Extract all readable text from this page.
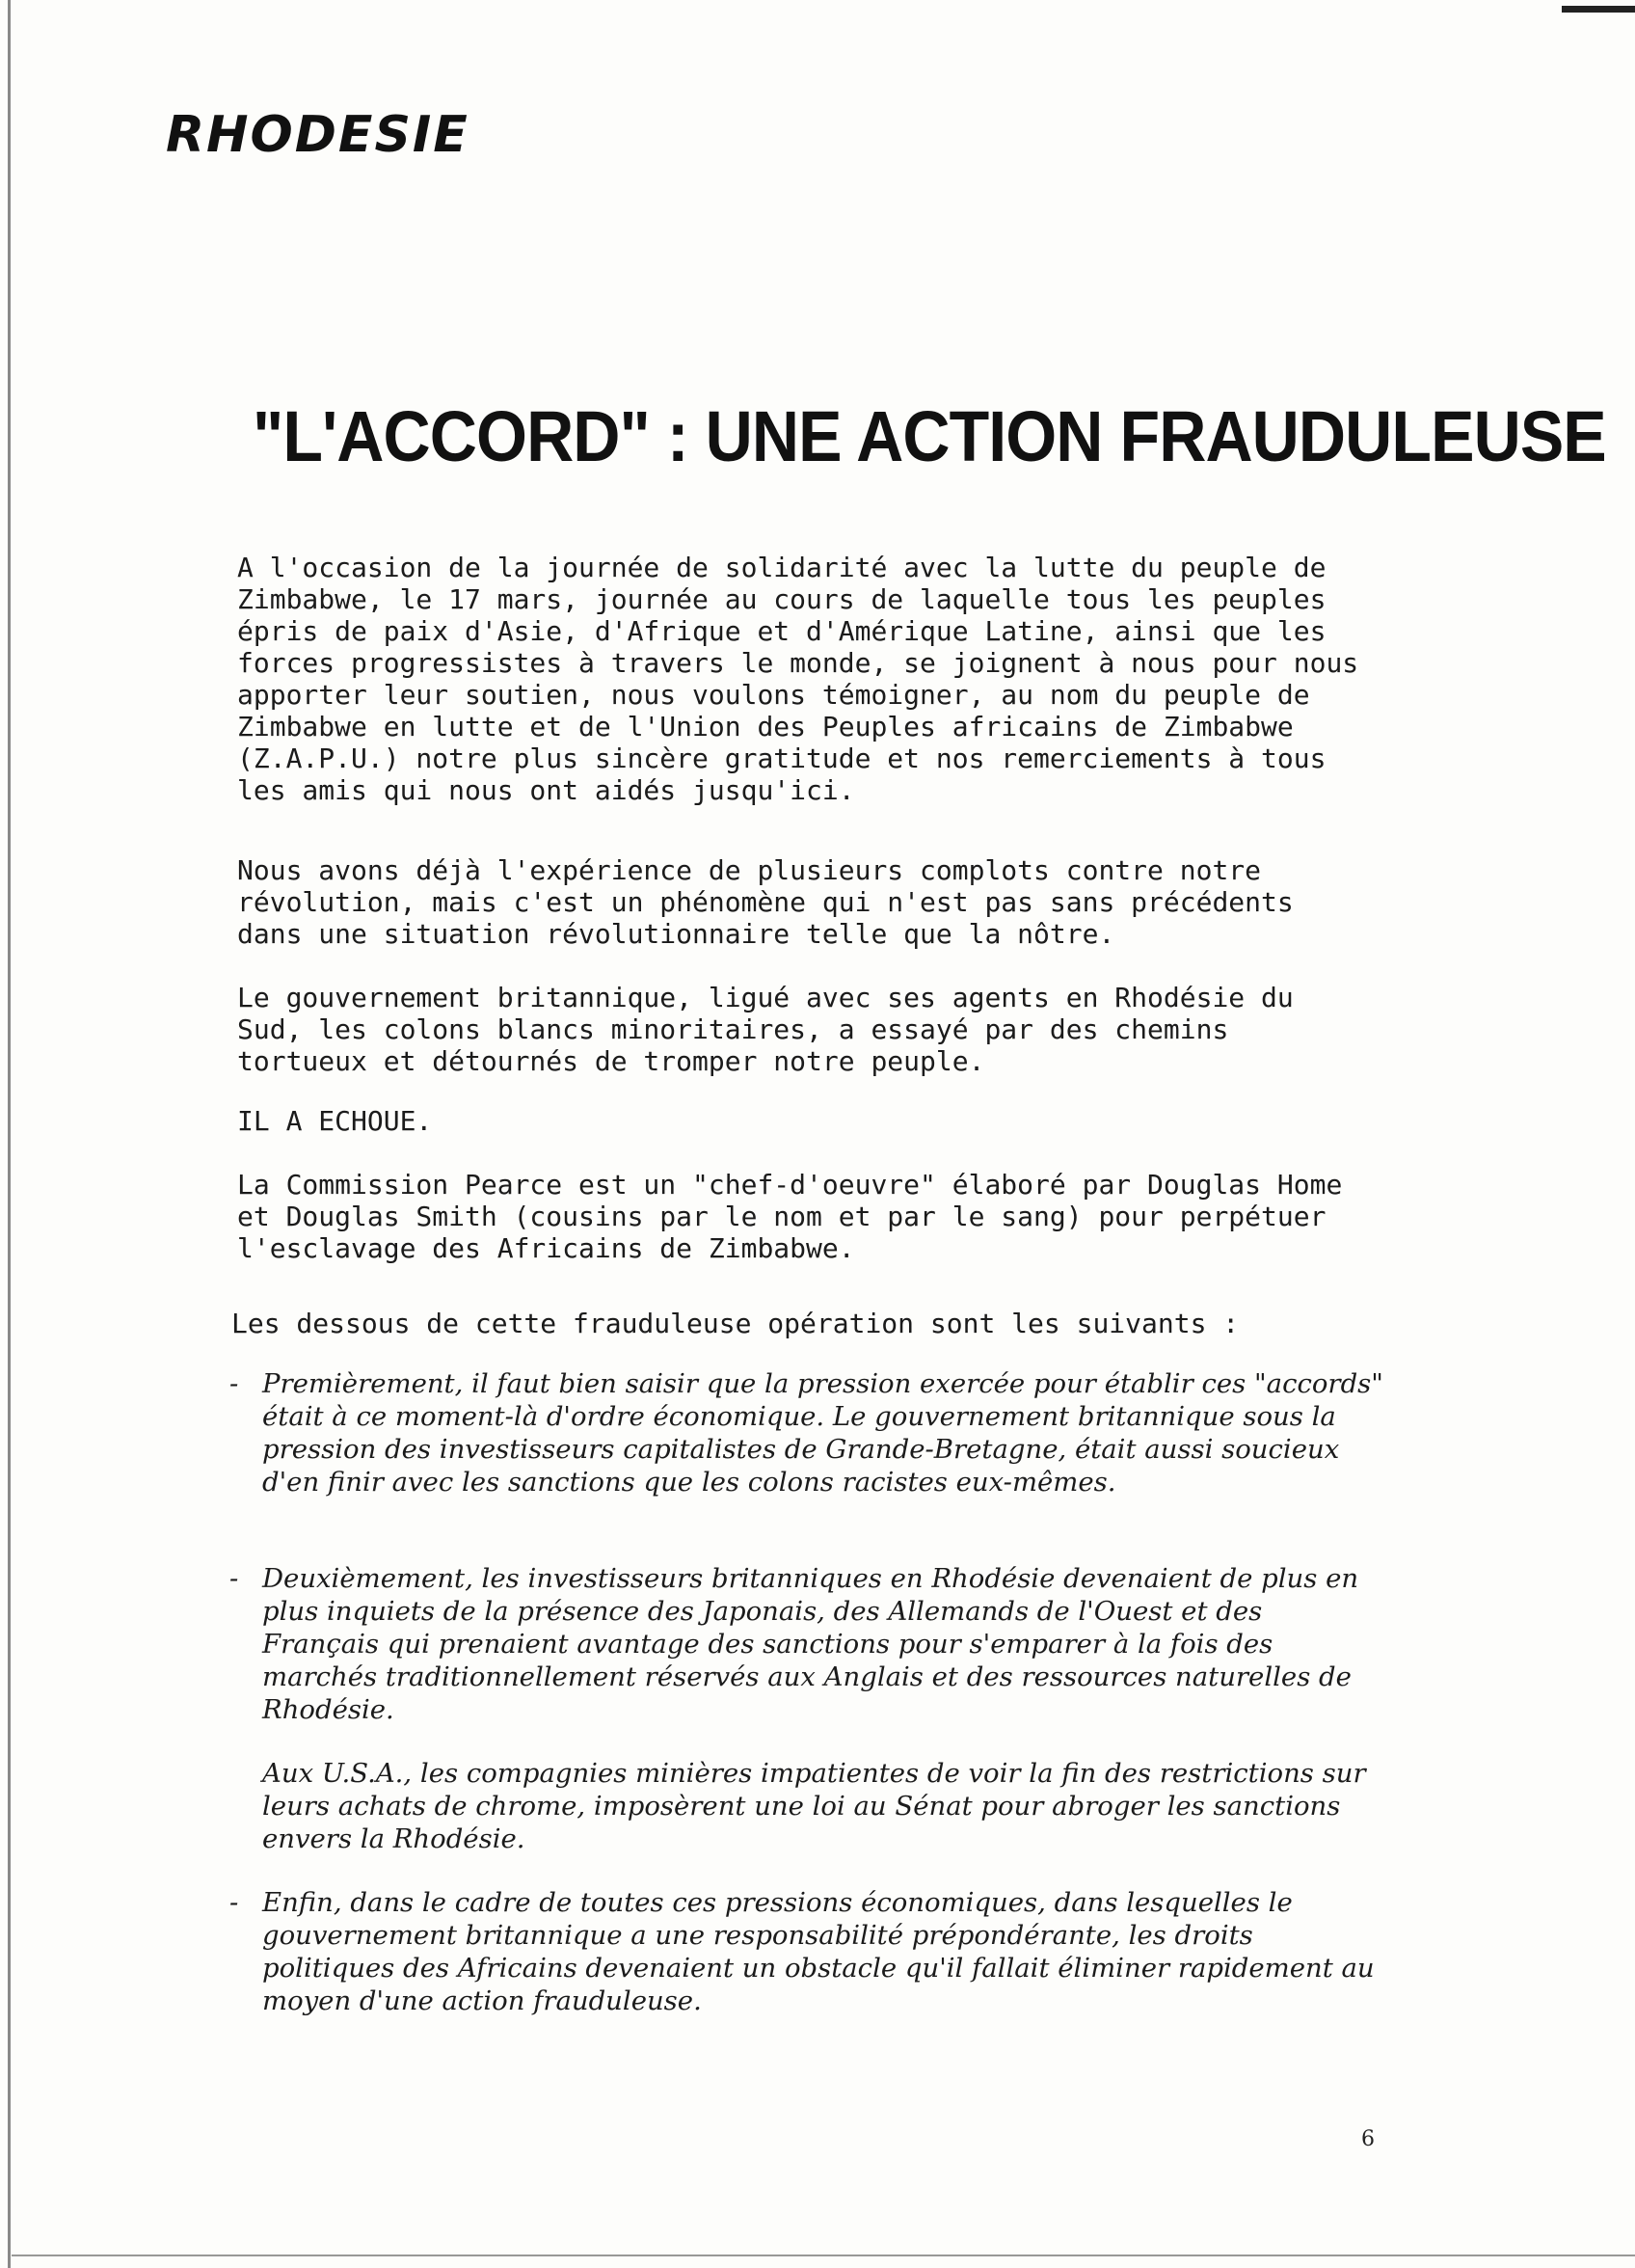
RHODESIE
"L'ACCORD" : UNE ACTION FRAUDULEUSE

A l'occasion de la journée de solidarité avec la lutte du peuple de Zimbabwe, le 17 mars, journée au cours de laquelle tous les peuples épris de paix d'Asie, d'Afrique et d'Amérique Latine, ainsi que les forces progressistes à travers le monde, se joignent à nous pour nous apporter leur soutien, nous voulons témoigner, au nom du peuple de Zimbabwe en lutte et de l'Union des Peuples africains de Zimbabwe (Z.A.P.U.) notre plus sincère gratitude et nos remerciements à tous les amis qui nous ont aidés jusqu'ici.

Nous avons déjà l'expérience de plusieurs complots contre notre révolution, mais c'est un phénomène qui n'est pas sans précédents dans une situation révolutionnaire telle que la nôtre.

Le gouvernement britannique, ligué avec ses agents en Rhodésie du Sud, les colons blancs minoritaires, a essayé par des chemins tortueux et détournés de tromper notre peuple.

IL A ECHOUE.

La Commission Pearce est un "chef-d'oeuvre" élaboré par Douglas Home et Douglas Smith (cousins par le nom et par le sang) pour perpétuer l'esclavage des Africains de Zimbabwe.

Les dessous de cette frauduleuse opération sont les suivants :

- Premièrement, il faut bien saisir que la pression exercée pour établir ces "accords" était à ce moment-là d'ordre économique. Le gouvernement britannique sous la pression des investisseurs capitalistes de Grande-Bretagne, était aussi soucieux d'en finir avec les sanctions que les colons racistes eux-mêmes.
- Deuxièmement, les investisseurs britanniques en Rhodésie devenaient de plus en plus inquiets de la présence des Japonais, des Allemands de l'Ouest et des Français qui prenaient avantage des sanctions pour s'emparer à la fois des marchés traditionnellement réservés aux Anglais et des ressources naturelles de Rhodésie.
Aux U.S.A., les compagnies minières impatientes de voir la fin des restrictions sur leurs achats de chrome, imposèrent une loi au Sénat pour abroger les sanctions envers la Rhodésie.
- Enfin, dans le cadre de toutes ces pressions économiques, dans lesquelles le gouvernement britannique a une responsabilité prépondérante, les droits politiques des Africains devenaient un obstacle qu'il fallait éliminer rapidement au moyen d'une action frauduleuse.
6
